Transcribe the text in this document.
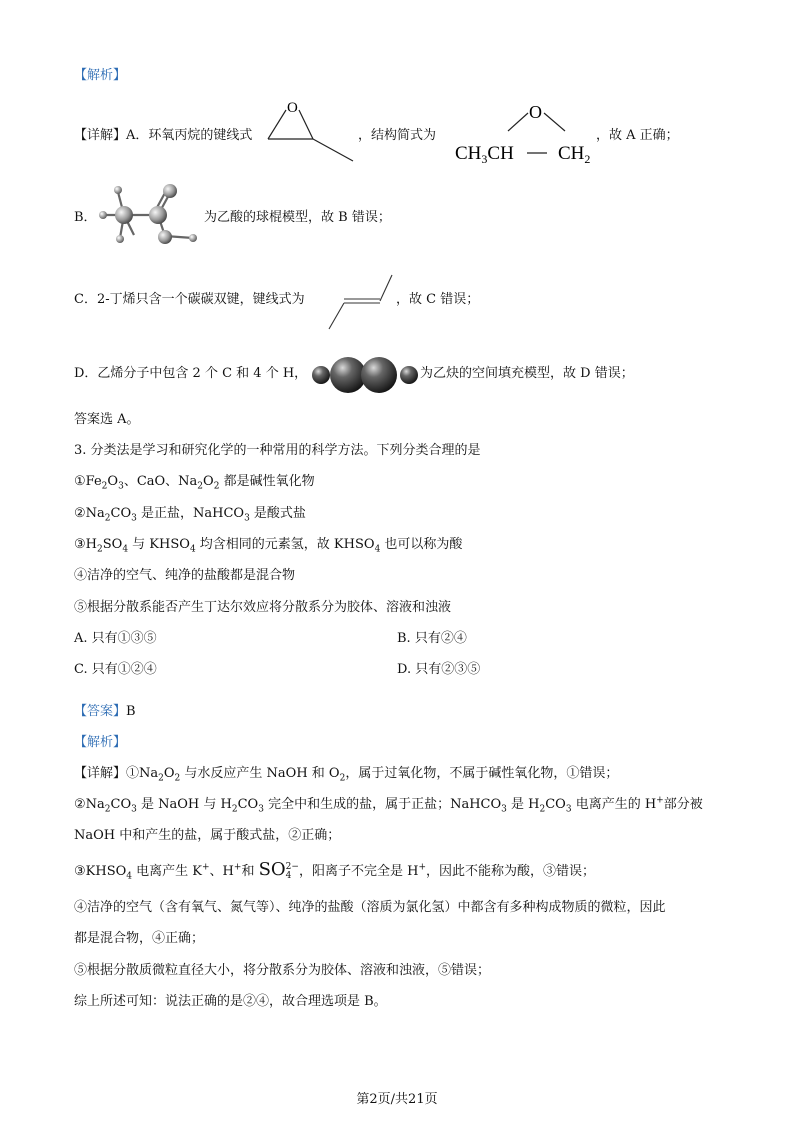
【解析】
【详解】A．环氧丙烷的键线式
O
，结构简式为
O
$CH_3CH$ $CH_2$
，故 A 正确；
B．	为乙酸的球棍模型，故 B 错误；
C．2-丁烯只含一个碳碳双键，键线式为	，故 C 错误；
D．乙烯分子中包含 2 个 C 和 4 个 H，	为乙炔的空间填充模型，故 D 错误；
答案选 A。
3. 分类法是学习和研究化学的一种常用的科学方法。下列分类合理的是
$①Fe_2O_3$、CaO、$Na_2O_2$ 都是碱性氧化物
$②Na_2CO_3$ 是正盐，NaHCO$_3$ 是酸式盐
$③H_2SO_4$ 与 $KHSO_4$ 均含相同的元素氢，故 $KHSO_4$ 也可以称为酸
④洁净的空气、纯净的盐酸都是混合物
⑤根据分散系能否产生丁达尔效应将分散系分为胶体、溶液和浊液
A. 只有①③⑤	B. 只有②④
C. 只有①②④	D. 只有②③⑤
【答案】B
【解析】
【详解】$①Na_2O_2$ 与水反应产生 NaOH 和 $O_2$，属于过氧化物，不属于碱性氧化物，①错误；
$②Na_2CO_3$ 是 NaOH 与 $H_2CO_3$ 完全中和生成的盐，属于正盐；NaHCO$_3$ 是 $H_2CO_3$ 电离产生的 H+部分被
NaOH 中和产生的盐，属于酸式盐，②正确；
$③KHSO_4$ 电离产生 K+、H+和 SO 2−
4 ，阳离子不完全是 H+，因此不能称为酸，③错误；
④洁净的空气（含有氧气、氮气等）、纯净的盐酸（溶质为氯化氢）中都含有多种构成物质的微粒，因此
都是混合物，④正确；
⑤根据分散质微粒直径大小，将分散系分为胶体、溶液和浊液，⑤错误；
综上所述可知：说法正确的是②④，故合理选项是 B。
第2页/共21页
